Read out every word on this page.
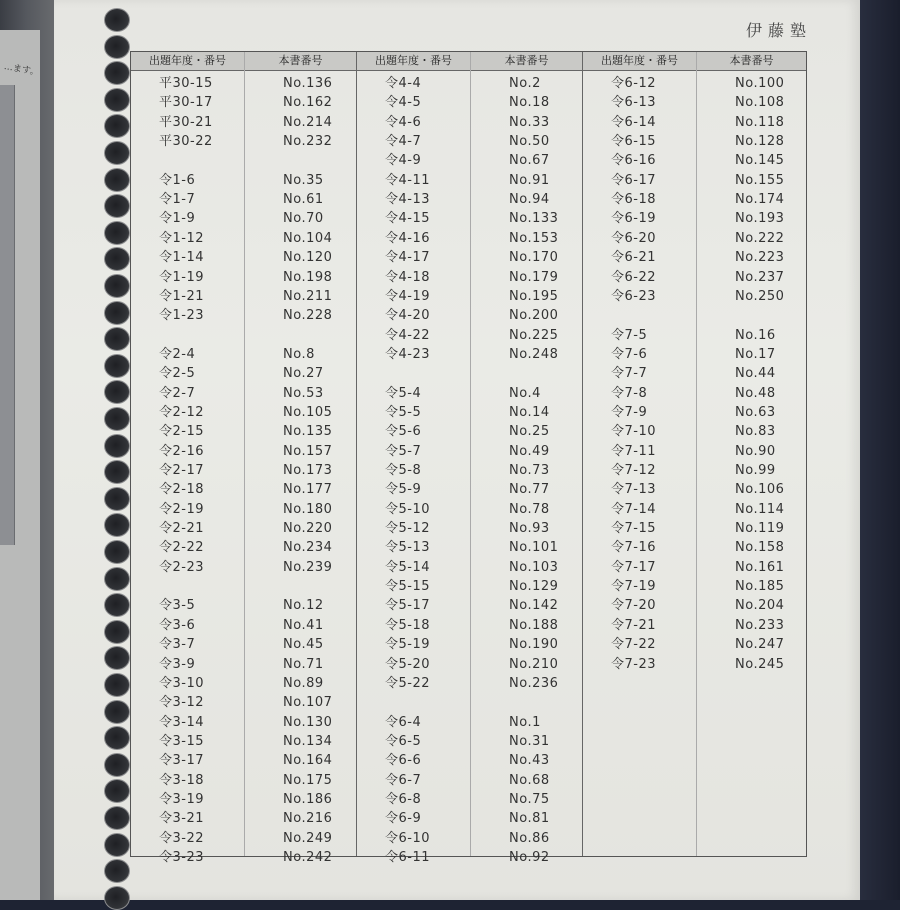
…ます。
伊藤塾
出題年度・番号
平30-15
平30-17
平30-21
平30-22
令1-6
令1-7
令1-9
令1-12
令1-14
令1-19
令1-21
令1-23
令2-4
令2-5
令2-7
令2-12
令2-15
令2-16
令2-17
令2-18
令2-19
令2-21
令2-22
令2-23
令3-5
令3-6
令3-7
令3-9
令3-10
令3-12
令3-14
令3-15
令3-17
令3-18
令3-19
令3-21
令3-22
令3-23
本書番号
No.136
No.162
No.214
No.232
No.35
No.61
No.70
No.104
No.120
No.198
No.211
No.228
No.8
No.27
No.53
No.105
No.135
No.157
No.173
No.177
No.180
No.220
No.234
No.239
No.12
No.41
No.45
No.71
No.89
No.107
No.130
No.134
No.164
No.175
No.186
No.216
No.249
No.242
出題年度・番号
令4-4
令4-5
令4-6
令4-7
令4-9
令4-11
令4-13
令4-15
令4-16
令4-17
令4-18
令4-19
令4-20
令4-22
令4-23
令5-4
令5-5
令5-6
令5-7
令5-8
令5-9
令5-10
令5-12
令5-13
令5-14
令5-15
令5-17
令5-18
令5-19
令5-20
令5-22
令6-4
令6-5
令6-6
令6-7
令6-8
令6-9
令6-10
令6-11
本書番号
No.2
No.18
No.33
No.50
No.67
No.91
No.94
No.133
No.153
No.170
No.179
No.195
No.200
No.225
No.248
No.4
No.14
No.25
No.49
No.73
No.77
No.78
No.93
No.101
No.103
No.129
No.142
No.188
No.190
No.210
No.236
No.1
No.31
No.43
No.68
No.75
No.81
No.86
No.92
出題年度・番号
令6-12
令6-13
令6-14
令6-15
令6-16
令6-17
令6-18
令6-19
令6-20
令6-21
令6-22
令6-23
令7-5
令7-6
令7-7
令7-8
令7-9
令7-10
令7-11
令7-12
令7-13
令7-14
令7-15
令7-16
令7-17
令7-19
令7-20
令7-21
令7-22
令7-23
本書番号
No.100
No.108
No.118
No.128
No.145
No.155
No.174
No.193
No.222
No.223
No.237
No.250
No.16
No.17
No.44
No.48
No.63
No.83
No.90
No.99
No.106
No.114
No.119
No.158
No.161
No.185
No.204
No.233
No.247
No.245
